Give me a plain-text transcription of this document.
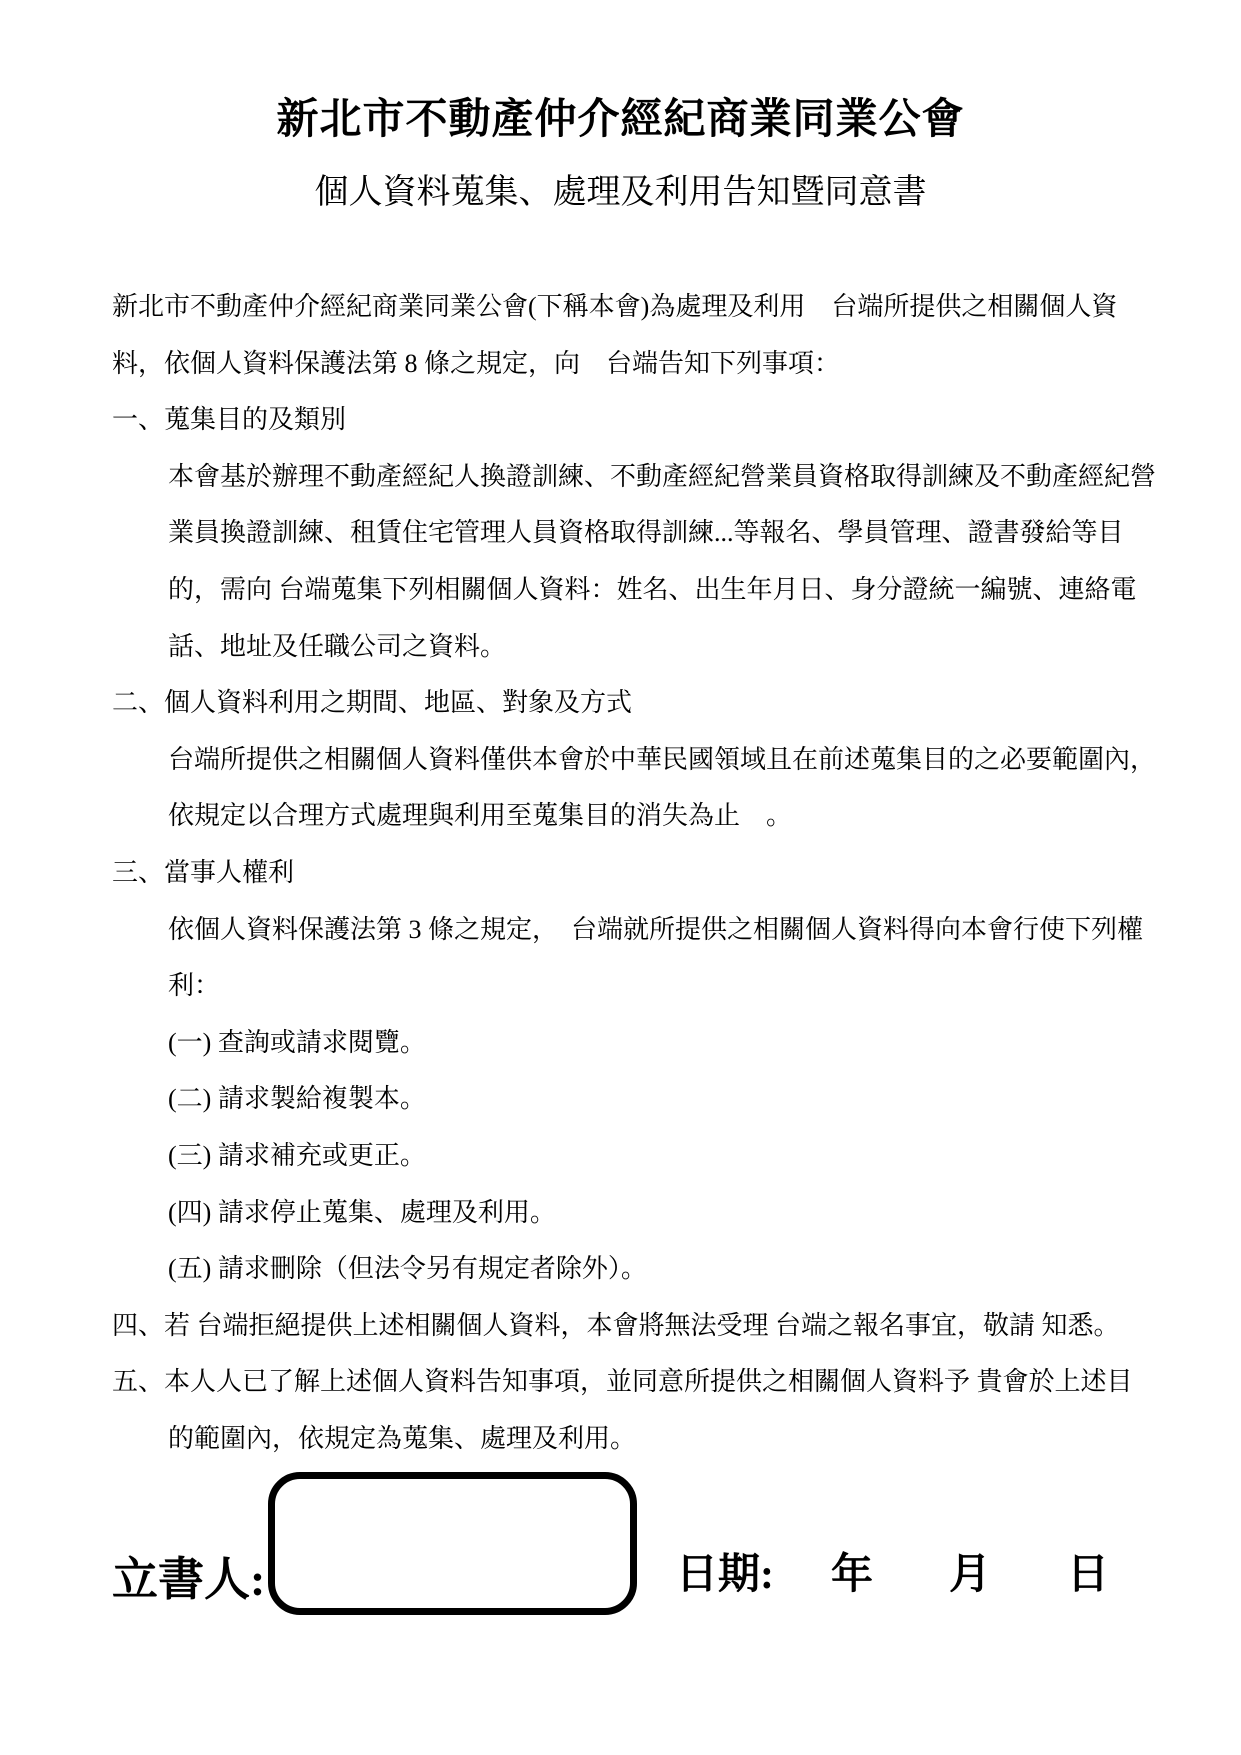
新北市不動產仲介經紀商業同業公會
個人資料蒐集、處理及利用告知暨同意書
新北市不動產仲介經紀商業同業公會(下稱本會)為處理及利用　台端所提供之相關個人資
料，依個人資料保護法第 8 條之規定，向　台端告知下列事項：
一、蒐集目的及類別
本會基於辦理不動產經紀人換證訓練、不動產經紀營業員資格取得訓練及不動產經紀營
業員換證訓練、租賃住宅管理人員資格取得訓練...等報名、學員管理、證書發給等目
的，需向 台端蒐集下列相關個人資料：姓名、出生年月日、身分證統一編號、連絡電
話、地址及任職公司之資料。
二、個人資料利用之期間、地區、對象及方式
台端所提供之相關個人資料僅供本會於中華民國領域且在前述蒐集目的之必要範圍內，
依規定以合理方式處理與利用至蒐集目的消失為止　。
三、當事人權利
依個人資料保護法第 3 條之規定，　台端就所提供之相關個人資料得向本會行使下列權
利：
(一) 查詢或請求閱覽。
(二) 請求製給複製本。
(三) 請求補充或更正。
(四) 請求停止蒐集、處理及利用。
(五) 請求刪除（但法令另有規定者除外）。
四、若 台端拒絕提供上述相關個人資料，本會將無法受理 台端之報名事宜，敬請 知悉。
五、本人人已了解上述個人資料告知事項，並同意所提供之相關個人資料予 貴會於上述目
的範圍內，依規定為蒐集、處理及利用。
立書人:	日期: 年 月 日
